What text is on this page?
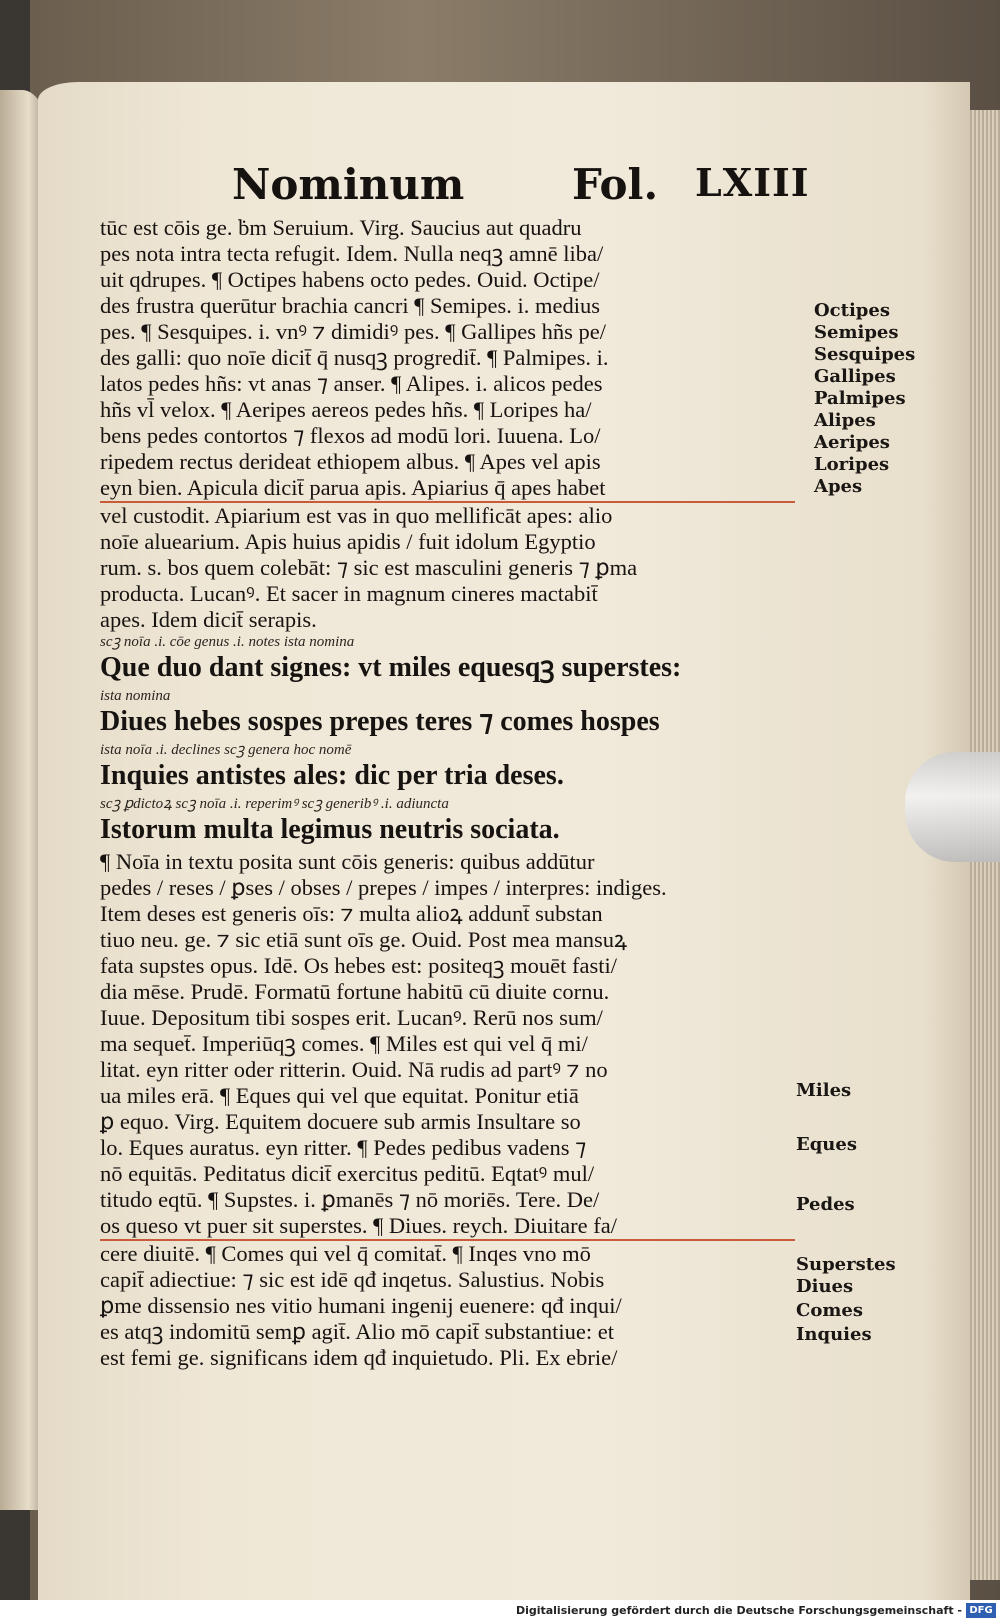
Nominum	Fol. LXIII
tūc est cōis ge. ḃm Seruium. Virg. Saucius aut quadru
pes nota intra tecta refugit. Idem. Nulla neqꝫ amnē liba/
uit qdrupes. ¶ Octipes habens octo pedes. Ouid. Octipe/
des frustra querūtur brachia cancri ¶ Semipes. i. medius
pes. ¶ Sesquipes. i. vnꝰ ⁊ dimidiꝰ pes. ¶ Gallipes hñs pe/
des galli: quo noīe dicit̄ q̄ nusqꝫ progredit̄. ¶ Palmipes. i.
latos pedes hñs: vt anas ⁊ anser. ¶ Alipes. i. alicos pedes
hñs vl̄ velox. ¶ Aeripes aereos pedes hñs. ¶ Loripes ha/
bens pedes contortos ⁊ flexos ad modū lori. Iuuena. Lo/
ripedem rectus derideat ethiopem albus. ¶ Apes vel apis
eyn bien. Apicula dicit̄ parua apis. Apiarius q̄ apes habet
vel custodit. Apiarium est vas in quo mellificāt apes: alio
noīe aluearium. Apis huius apidis / fuit idolum Egyptio
rum. s. bos quem colebāt: ⁊ sic est masculini generis ⁊ ꝑma
producta. Lucanꝰ. Et sacer in magnum cineres mactabit̄
apes. Idem dicit̄ serapis.
scꝫ noīa .i. cōe genus .i. notes ista nomina
Que duo dant signes: vt miles equesqꝫ superstes:
ista nomina
Diues hebes sospes prepes teres ⁊ comes hospes
ista noīa .i. declines scꝫ genera hoc nomē
Inquies antistes ales: dic per tria deses.
scꝫ ꝑdictoꝝ scꝫ noīa .i. reperimꝰ scꝫ generibꝰ .i. adiuncta
Istorum multa legimus neutris sociata.
¶ Noīa in textu posita sunt cōis generis: quibus addūtur
pedes / reses / ꝑses / obses / prepes / impes / interpres: indiges.
Item deses est generis oīs: ⁊ multa alioꝝ addunt̄ substan
tiuo neu. ge. ⁊ sic etiā sunt oīs ge. Ouid. Post mea mansuꝝ
fata supstes opus. Idē. Os hebes est: positeqꝫ mouēt fasti/
dia mēse. Prudē. Formatū fortune habitū cū diuite cornu.
Iuue. Depositum tibi sospes erit. Lucanꝰ. Rerū nos sum/
ma sequet̄. Imperiūqꝫ comes. ¶ Miles est qui vel q̄ mi/
litat. eyn ritter oder ritterin. Ouid. Nā rudis ad partꝰ ⁊ no
ua miles erā. ¶ Eques qui vel que equitat. Ponitur etiā
ꝑ equo. Virg. Equitem docuere sub armis Insultare so
lo. Eques auratus. eyn ritter. ¶ Pedes pedibus vadens ⁊
nō equitās. Peditatus dicit̄ exercitus peditū. Eqtatꝰ mul/
titudo eqtū. ¶ Supstes. i. ꝑmanēs ⁊ nō moriēs. Tere. De/
os queso vt puer sit superstes. ¶ Diues. reych. Diuitare fa/
cere diuitē. ¶ Comes qui vel q̄ comitat̄. ¶ Inqes vno mō
capit̄ adiectiue: ⁊ sic est idē qđ inqetus. Salustius. Nobis
ꝑme dissensio nes vitio humani ingenij euenere: qđ inqui/
es atqꝫ indomitū semꝑ agit̄. Alio mō capit̄ substantiue: et
est femi ge. significans idem qđ inquietudo. Pli. Ex ebrie/
Octipes
Semipes
Sesquipes
Gallipes
Palmipes
Alipes
Aeripes
Loripes
Apes
Miles
Eques
Pedes
Superstes
Diues
Comes
Inquies
Digitalisierung gefördert durch die Deutsche Forschungsgemeinschaft - DFG
